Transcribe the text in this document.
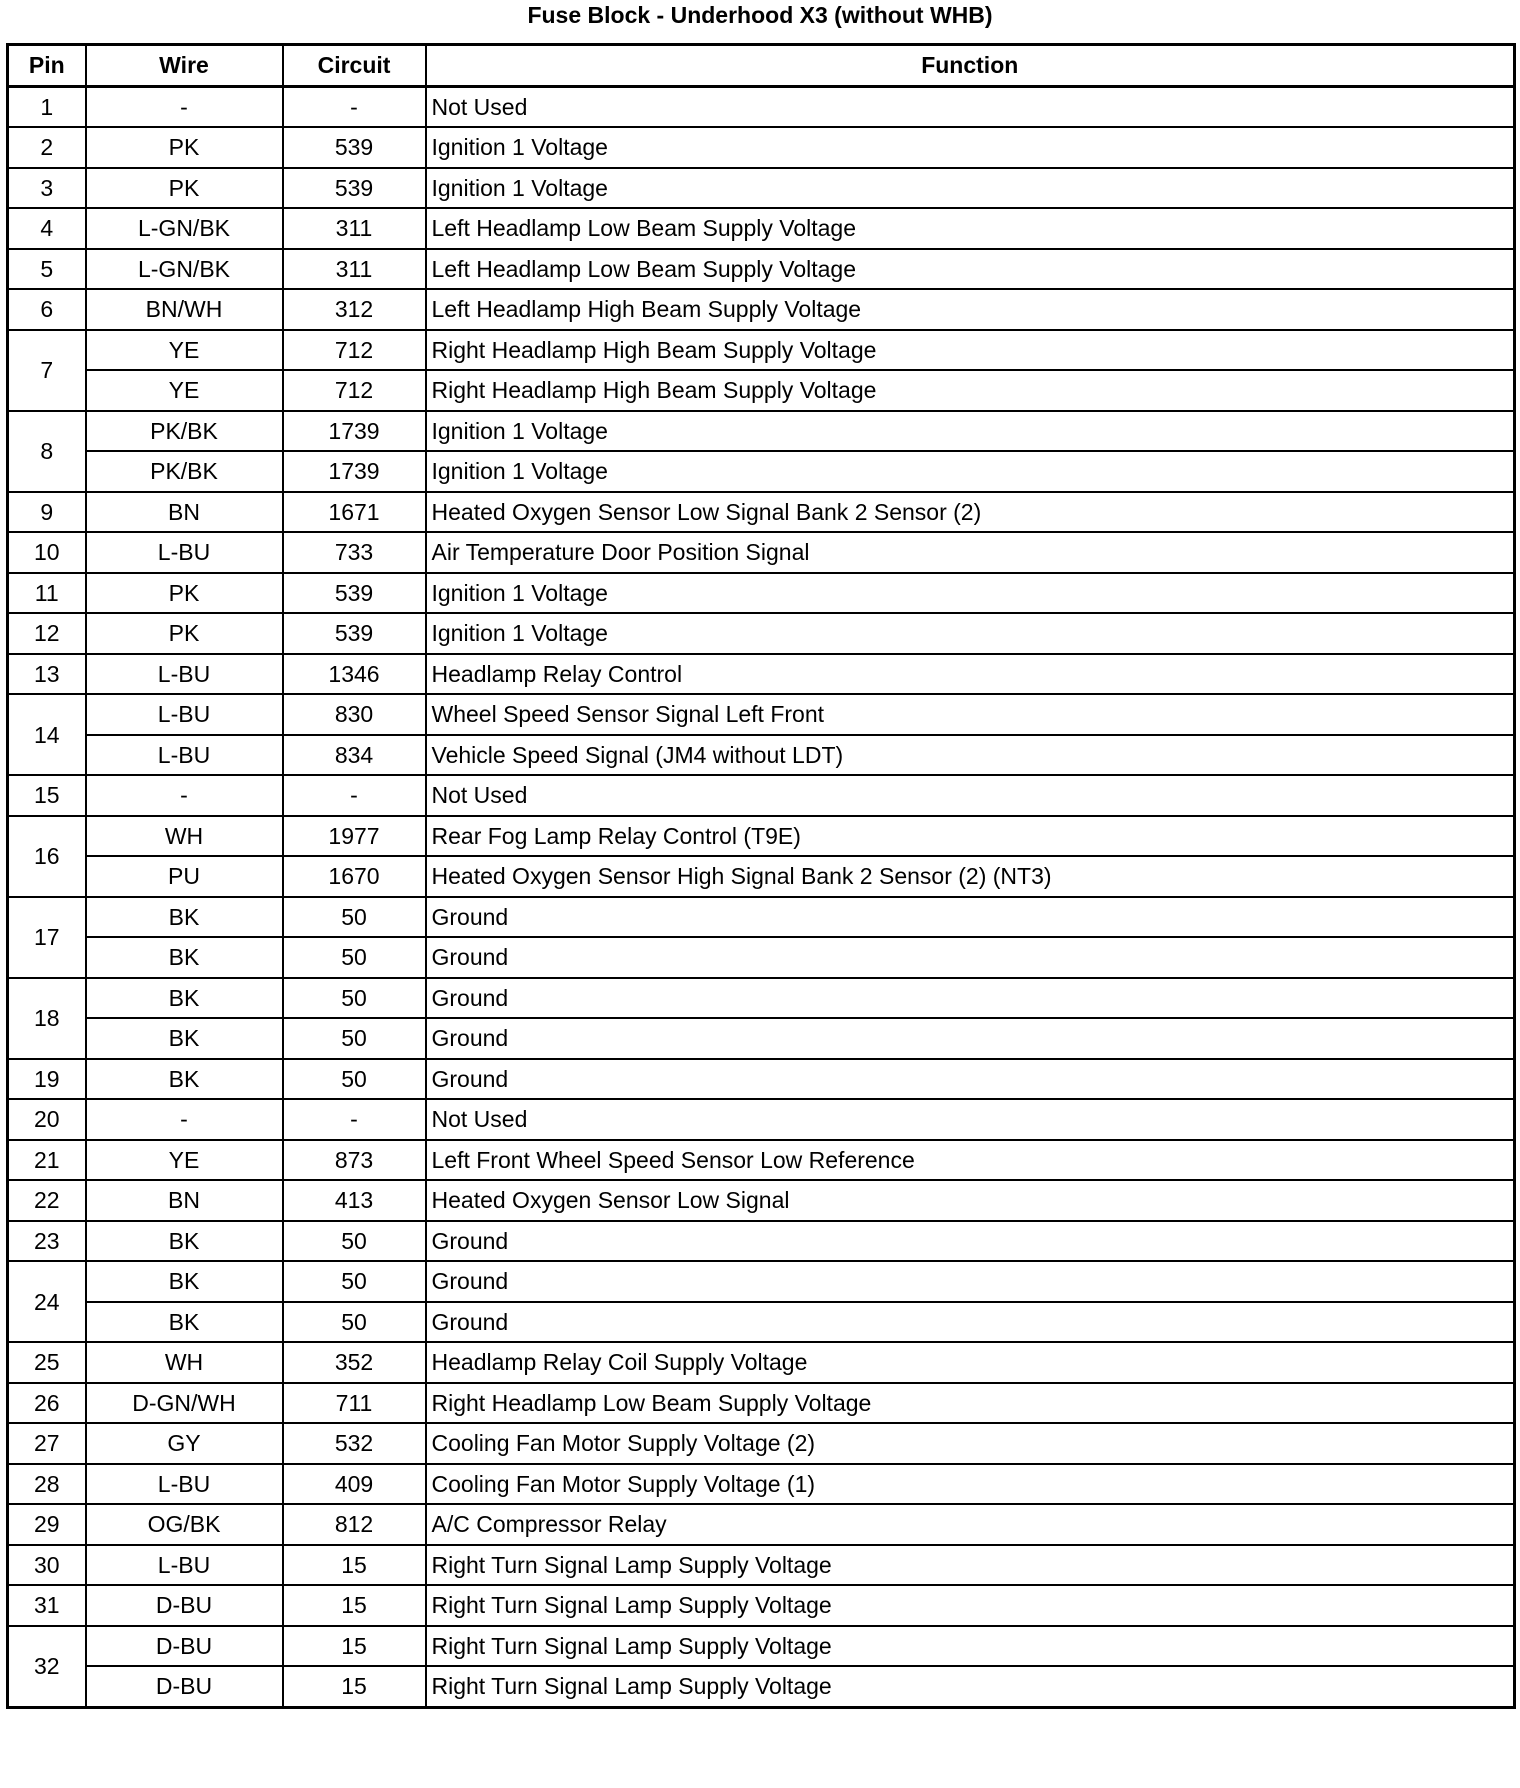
Fuse Block - Underhood X3 (without WHB)
Pin	Wire	Circuit	Function
1	-	-	Not Used
2	PK	539	Ignition 1 Voltage
3	PK	539	Ignition 1 Voltage
4	L-GN/BK	311	Left Headlamp Low Beam Supply Voltage
5	L-GN/BK	311	Left Headlamp Low Beam Supply Voltage
6	BN/WH	312	Left Headlamp High Beam Supply Voltage
7	YE	712	Right Headlamp High Beam Supply Voltage
	YE	712	Right Headlamp High Beam Supply Voltage
8	PK/BK	1739	Ignition 1 Voltage
	PK/BK	1739	Ignition 1 Voltage
9	BN	1671	Heated Oxygen Sensor Low Signal Bank 2 Sensor (2)
10	L-BU	733	Air Temperature Door Position Signal
11	PK	539	Ignition 1 Voltage
12	PK	539	Ignition 1 Voltage
13	L-BU	1346	Headlamp Relay Control
14	L-BU	830	Wheel Speed Sensor Signal Left Front
	L-BU	834	Vehicle Speed Signal (JM4 without LDT)
15	-	-	Not Used
16	WH	1977	Rear Fog Lamp Relay Control (T9E)
	PU	1670	Heated Oxygen Sensor High Signal Bank 2 Sensor (2) (NT3)
17	BK	50	Ground
	BK	50	Ground
18	BK	50	Ground
	BK	50	Ground
19	BK	50	Ground
20	-	-	Not Used
21	YE	873	Left Front Wheel Speed Sensor Low Reference
22	BN	413	Heated Oxygen Sensor Low Signal
23	BK	50	Ground
24	BK	50	Ground
	BK	50	Ground
25	WH	352	Headlamp Relay Coil Supply Voltage
26	D-GN/WH	711	Right Headlamp Low Beam Supply Voltage
27	GY	532	Cooling Fan Motor Supply Voltage (2)
28	L-BU	409	Cooling Fan Motor Supply Voltage (1)
29	OG/BK	812	A/C Compressor Relay
30	L-BU	15	Right Turn Signal Lamp Supply Voltage
31	D-BU	15	Right Turn Signal Lamp Supply Voltage
32	D-BU	15	Right Turn Signal Lamp Supply Voltage
	D-BU	15	Right Turn Signal Lamp Supply Voltage
